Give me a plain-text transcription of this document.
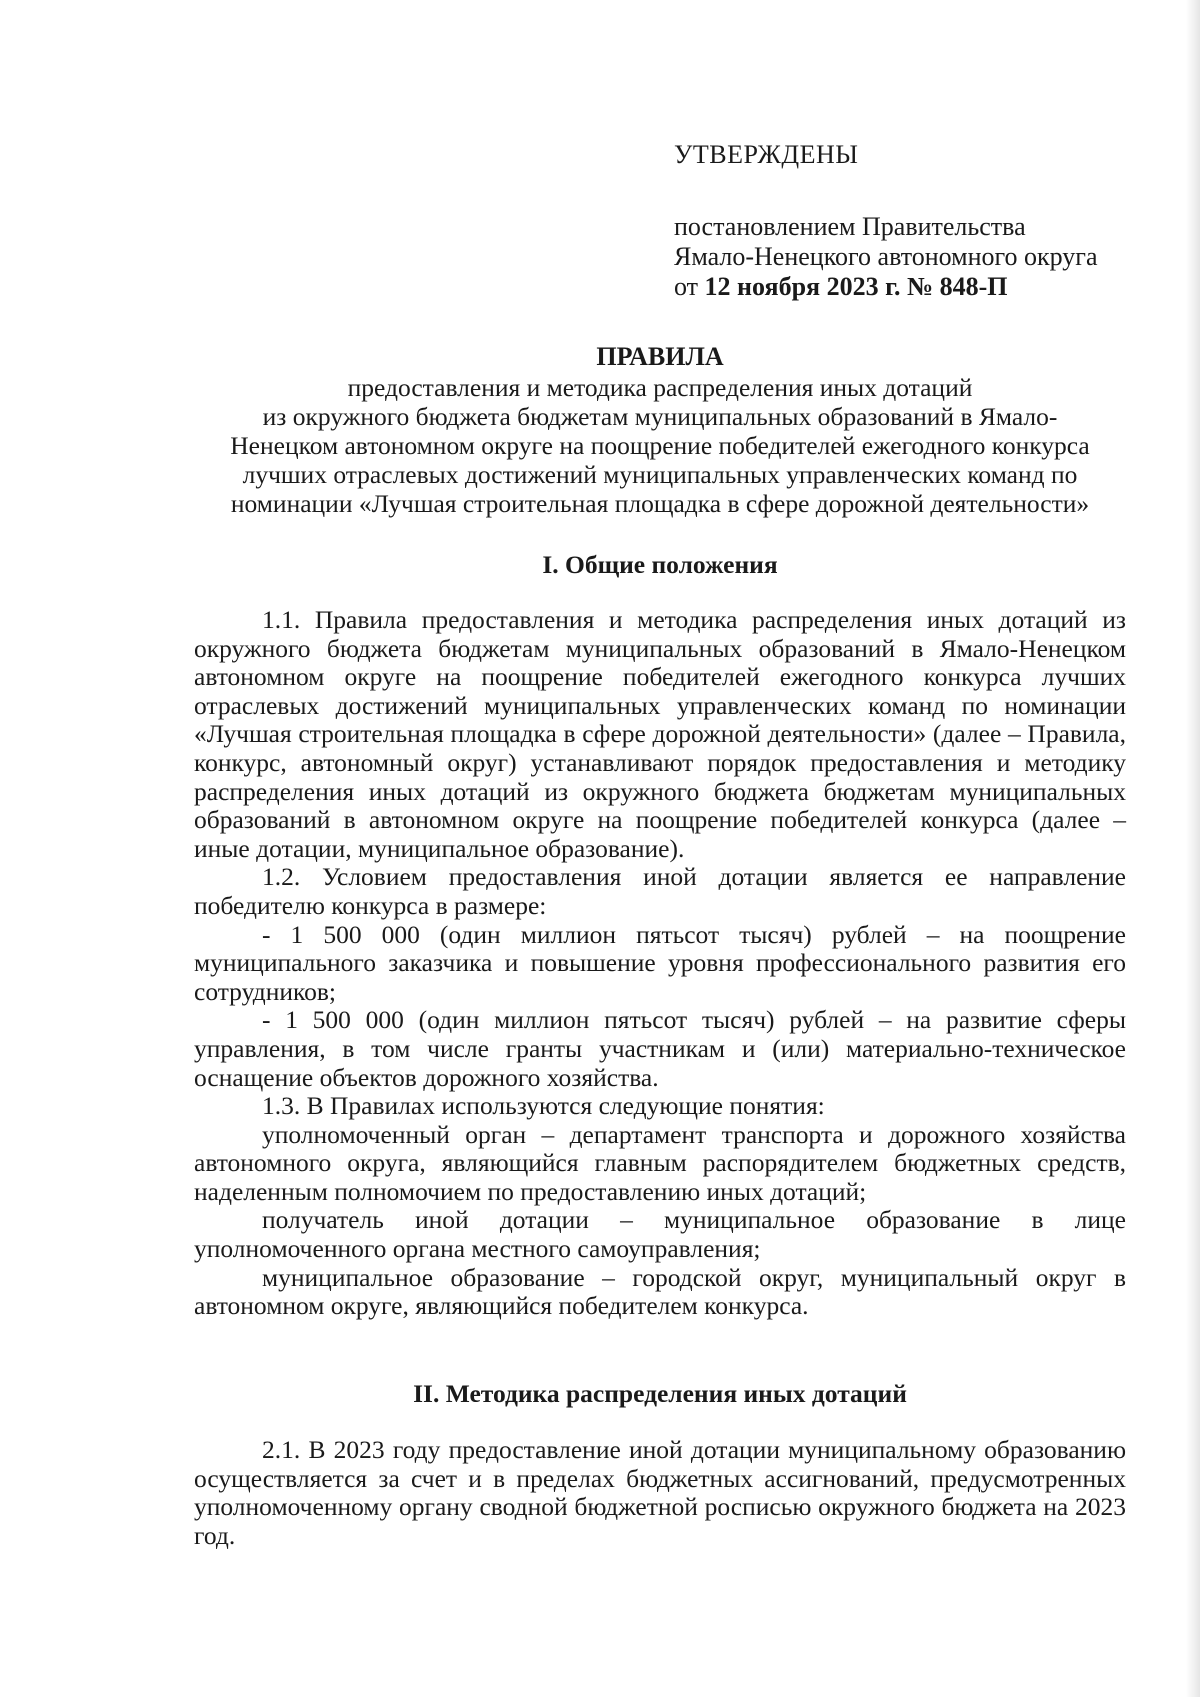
УТВЕРЖДЕНЫ
постановлением Правительства
Ямало-Ненецкого автономного округа
от 12 ноября 2023 г. № 848-П
ПРАВИЛА
предоставления и методика распределения иных дотаций
из окружного бюджета бюджетам муниципальных образований в Ямало-
Ненецком автономном округе на поощрение победителей ежегодного конкурса
лучших отраслевых достижений муниципальных управленческих команд по
номинации «Лучшая строительная площадка в сфере дорожной деятельности»
I. Общие положения

1.1. Правила предоставления и методика распределения иных дотаций из окружного бюджета бюджетам муниципальных образований в Ямало-Ненецком автономном округе на поощрение победителей ежегодного конкурса лучших отраслевых достижений муниципальных управленческих команд по номинации «Лучшая строительная площадка в сфере дорожной деятельности» (далее – Правила, конкурс, автономный округ) устанавливают порядок предоставления и методику распределения иных дотаций из окружного бюджета бюджетам муниципальных образований в автономном округе на поощрение победителей конкурса (далее – иные дотации, муниципальное образование).

1.2. Условием предоставления иной дотации является ее направление победителю конкурса в размере:

- 1 500 000 (один миллион пятьсот тысяч) рублей – на поощрение муниципального заказчика и повышение уровня профессионального развития его сотрудников;

- 1 500 000 (один миллион пятьсот тысяч) рублей – на развитие сферы управления, в том числе гранты участникам и (или) материально-техническое оснащение объектов дорожного хозяйства.

1.3. В Правилах используются следующие понятия:

уполномоченный орган – департамент транспорта и дорожного хозяйства автономного округа, являющийся главным распорядителем бюджетных средств, наделенным полномочием по предоставлению иных дотаций;

получатель иной дотации – муниципальное образование в лице уполномоченного органа местного самоуправления;

муниципальное образование – городской округ, муниципальный округ в автономном округе, являющийся победителем конкурса.

II. Методика распределения иных дотаций

2.1. В 2023 году предоставление иной дотации муниципальному образованию осуществляется за счет и в пределах бюджетных ассигнований, предусмотренных уполномоченному органу сводной бюджетной росписью окружного бюджета на 2023 год.
